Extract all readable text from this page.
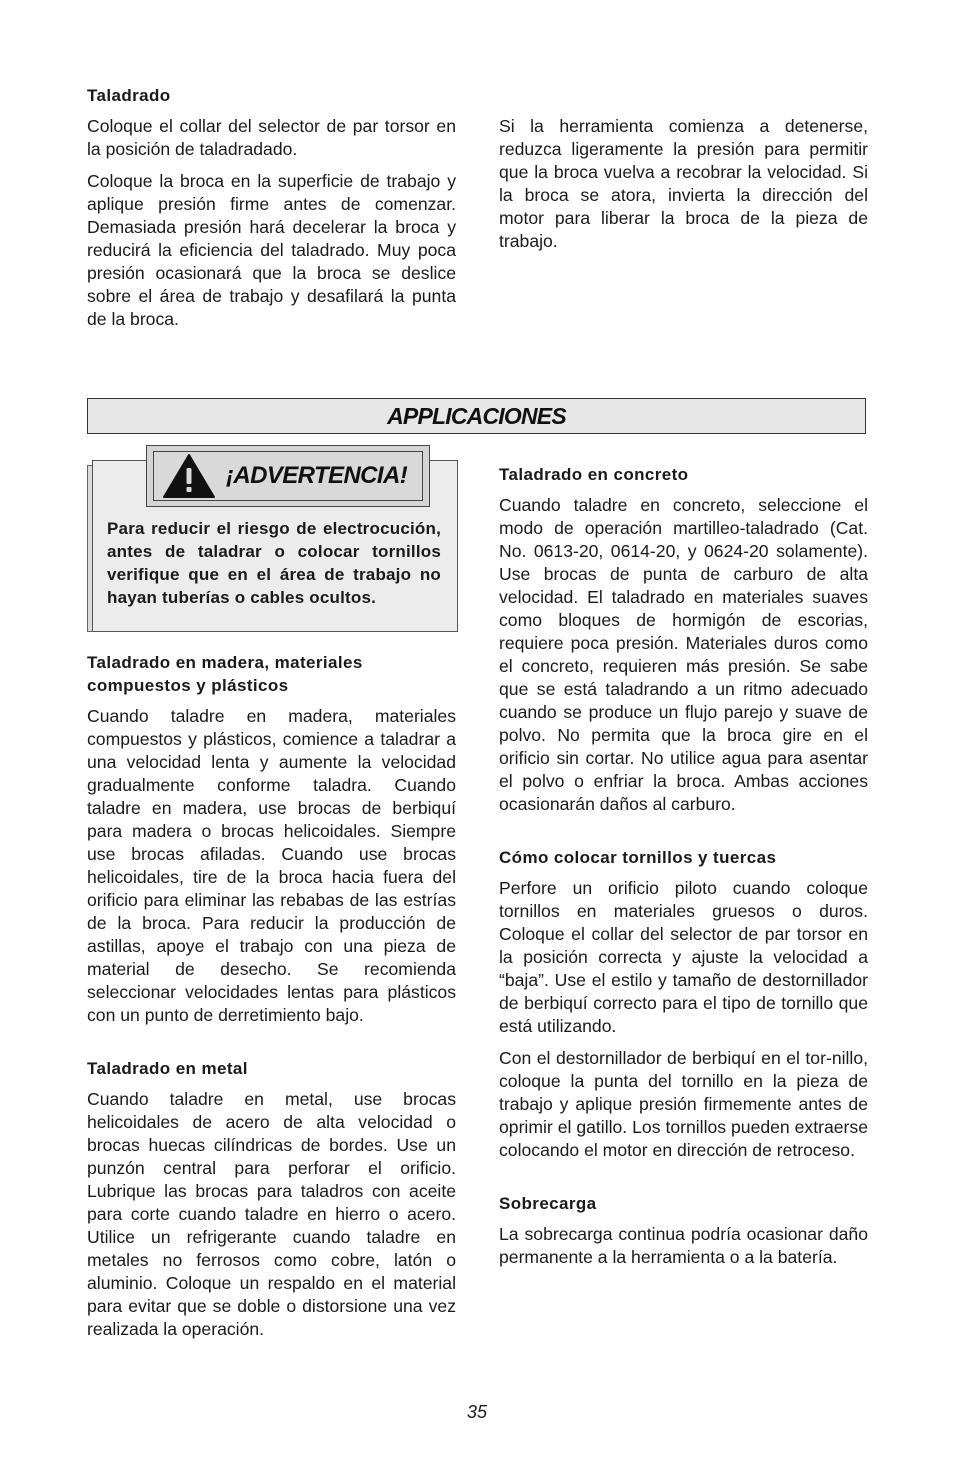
Taladrado

Coloque el collar del selector de par torsor en la posición de taladradado.

Coloque la broca en la superficie de trabajo y aplique presión firme antes de comenzar. Demasiada presión hará decelerar la broca y reducirá la eficiencia del taladrado. Muy poca presión ocasionará que la broca se deslice sobre el área de trabajo y desafilará la punta de la broca.

Si la herramienta comienza a detenerse, reduzca ligeramente la presión para permitir que la broca vuelva a recobrar la velocidad. Si la broca se atora, invierta la dirección del motor para liberar la broca de la pieza de trabajo.

APPLICACIONES
¡ADVERTENCIA!
Para reducir el riesgo de electrocución, antes de taladrar o colocar tornillos verifique que en el área de trabajo no hayan tuberías o cables ocultos.
Taladrado en madera, materiales compuestos y plásticos

Cuando taladre en madera, materiales compuestos y plásticos, comience a taladrar a una velocidad lenta y aumente la velocidad gradualmente conforme taladra. Cuando taladre en madera, use brocas de berbiquí para madera o brocas helicoidales. Siempre use brocas afiladas. Cuando use brocas helicoidales, tire de la broca hacia fuera del orificio para eliminar las rebabas de las estrías de la broca. Para reducir la producción de astillas, apoye el trabajo con una pieza de material de desecho. Se recomienda seleccionar velocidades lentas para plásticos con un punto de derretimiento bajo.

Taladrado en metal

Cuando taladre en metal, use brocas helicoidales de acero de alta velocidad o brocas huecas cilíndricas de bordes. Use un punzón central para perforar el orificio. Lubrique las brocas para taladros con aceite para corte cuando taladre en hierro o acero. Utilice un refrigerante cuando taladre en metales no ferrosos como cobre, latón o aluminio. Coloque un respaldo en el material para evitar que se doble o distorsione una vez realizada la operación.

Taladrado en concreto

Cuando taladre en concreto, seleccione el modo de operación martilleo-taladrado (Cat. No. 0613-20, 0614-20, y 0624-20 solamente). Use brocas de punta de carburo de alta velocidad. El taladrado en materiales suaves como bloques de hormigón de escorias, requiere poca presión. Materiales duros como el concreto, requieren más presión. Se sabe que se está taladrando a un ritmo adecuado cuando se produce un flujo parejo y suave de polvo. No permita que la broca gire en el orificio sin cortar. No utilice agua para asentar el polvo o enfriar la broca. Ambas acciones ocasionarán daños al carburo.

Cómo colocar tornillos y tuercas

Perfore un orificio piloto cuando coloque tornillos en materiales gruesos o duros. Coloque el collar del selector de par torsor en la posición correcta y ajuste la velocidad a “baja”. Use el estilo y tamaño de destornillador de berbiquí correcto para el tipo de tornillo que está utilizando.

Con el destornillador de berbiquí en el tor-nillo, coloque la punta del tornillo en la pieza de trabajo y aplique presión firmemente antes de oprimir el gatillo. Los tornillos pueden extraerse colocando el motor en dirección de retroceso.

Sobrecarga

La sobrecarga continua podría ocasionar daño permanente a la herramienta o a la batería.

35
